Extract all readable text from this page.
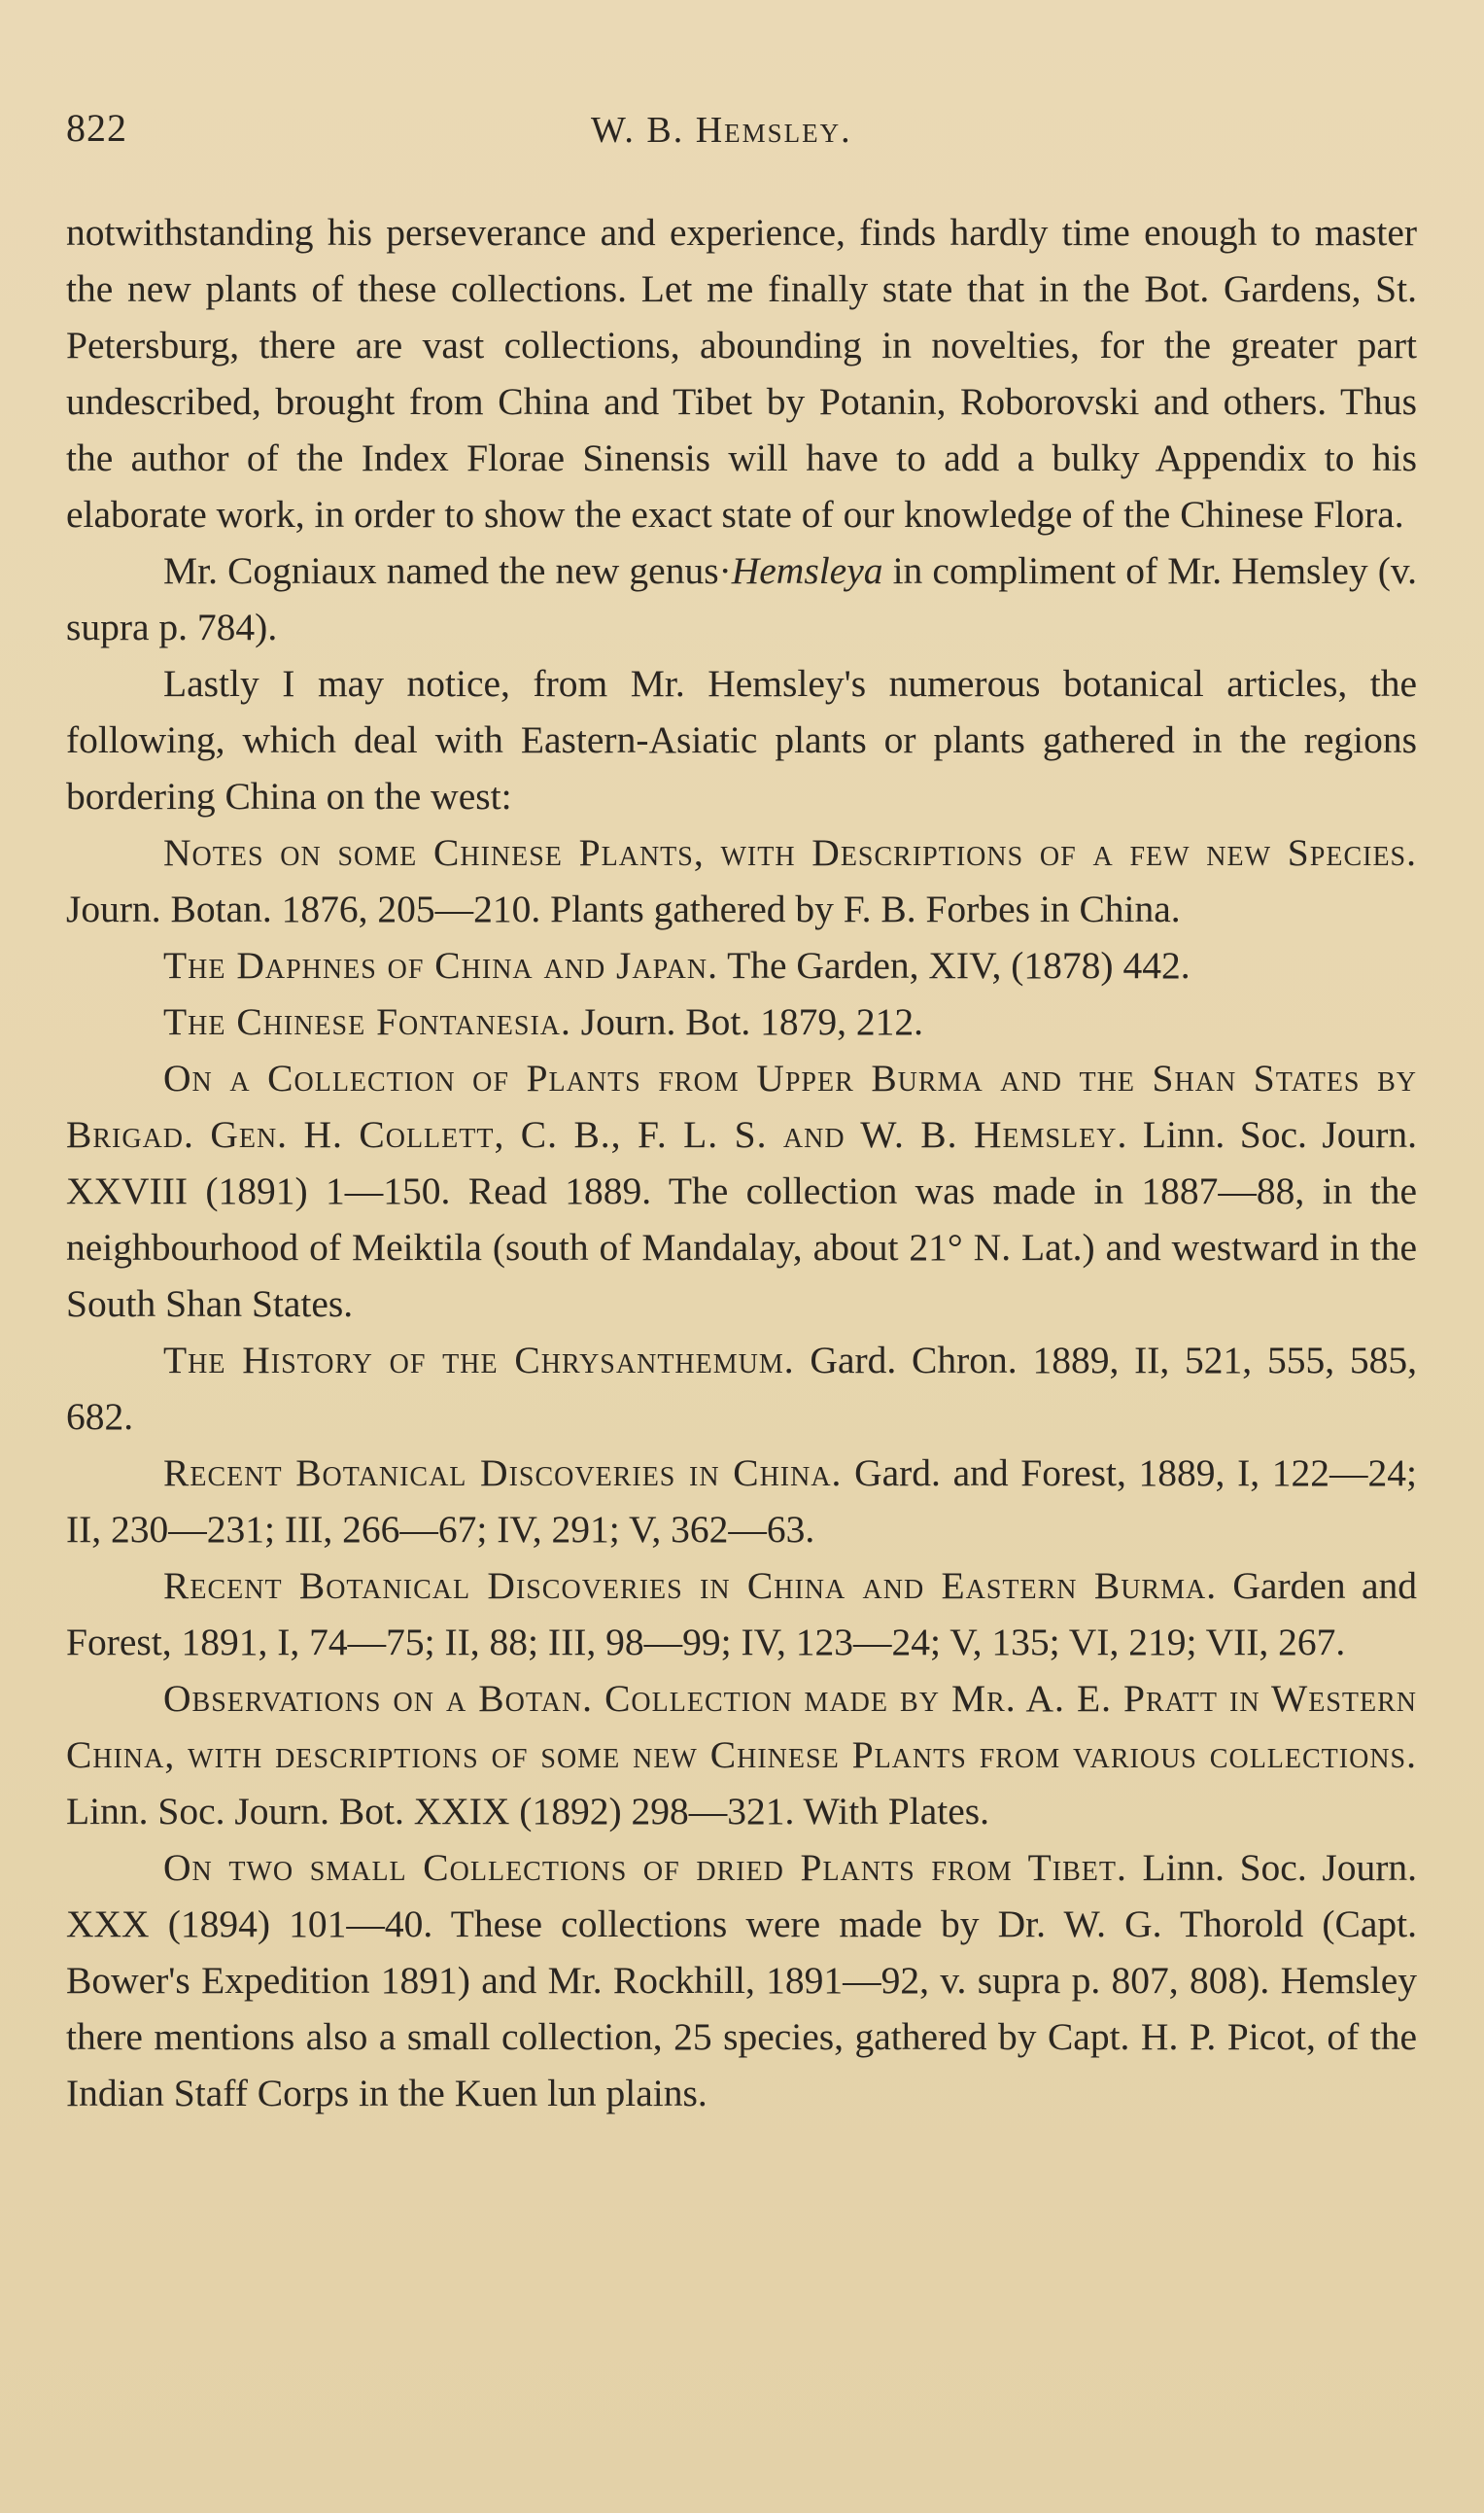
822	W. B. Hemsley.

notwithstanding his perseverance and experience, finds hardly time enough to master the new plants of these collections. Let me finally state that in the Bot. Gardens, St. Petersburg, there are vast collections, abounding in novelties, for the greater part undescribed, brought from China and Tibet by Potanin, Roborovski and others. Thus the author of the Index Florae Sinensis will have to add a bulky Appendix to his elaborate work, in order to show the exact state of our knowledge of the Chinese Flora.

Mr. Cogniaux named the new genus·Hemsleya in compliment of Mr. Hemsley (v. supra p. 784).

Lastly I may notice, from Mr. Hemsley's numerous botanical articles, the following, which deal with Eastern-Asiatic plants or plants gathered in the regions bordering China on the west:

Notes on some Chinese Plants, with Descriptions of a few new Species. Journ. Botan. 1876, 205—210. Plants gathered by F. B. Forbes in China.

The Daphnes of China and Japan. The Garden, XIV, (1878) 442.

The Chinese Fontanesia. Journ. Bot. 1879, 212.

On a Collection of Plants from Upper Burma and the Shan States by Brigad. Gen. H. Collett, C. B., F. L. S. and W. B. Hemsley. Linn. Soc. Journ. XXVIII (1891) 1—150. Read 1889. The collection was made in 1887—88, in the neighbourhood of Meiktila (south of Mandalay, about 21° N. Lat.) and westward in the South Shan States.

The History of the Chrysanthemum. Gard. Chron. 1889, II, 521, 555, 585, 682.

Recent Botanical Discoveries in China. Gard. and Forest, 1889, I, 122—24; II, 230—231; III, 266—67; IV, 291; V, 362—63.

Recent Botanical Discoveries in China and Eastern Burma. Garden and Forest, 1891, I, 74—75; II, 88; III, 98—99; IV, 123—24; V, 135; VI, 219; VII, 267.

Observations on a Botan. Collection made by Mr. A. E. Pratt in Western China, with descriptions of some new Chinese Plants from various collections. Linn. Soc. Journ. Bot. XXIX (1892) 298—321. With Plates.

On two small Collections of dried Plants from Tibet. Linn. Soc. Journ. XXX (1894) 101—40. These collections were made by Dr. W. G. Thorold (Capt. Bower's Expedition 1891) and Mr. Rockhill, 1891—92, v. supra p. 807, 808). Hemsley there mentions also a small collection, 25 species, gathered by Capt. H. P. Picot, of the Indian Staff Corps in the Kuen lun plains.
